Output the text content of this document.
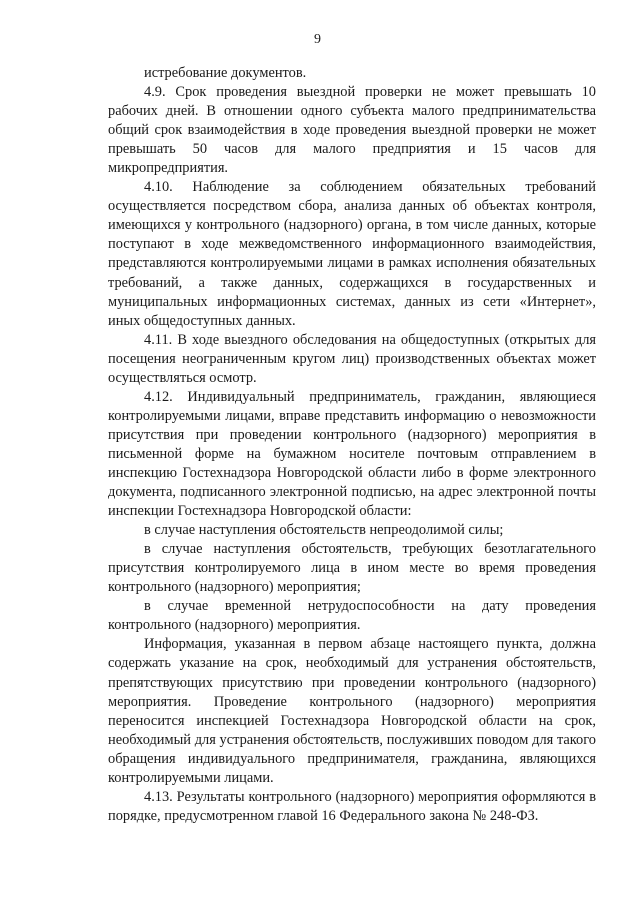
9

истребование документов.

4.9. Срок проведения выездной проверки не может превышать 10 рабочих дней. В отношении одного субъекта малого предпринимательства общий срок взаимодействия в ходе проведения выездной проверки не может превышать 50 часов для малого предприятия и 15 часов для микропредприятия.

4.10. Наблюдение за соблюдением обязательных требований осуществляется посредством сбора, анализа данных об объектах контроля, имеющихся у контрольного (надзорного) органа, в том числе данных, которые поступают в ходе межведомственного информационного взаимодействия, представляются контролируемыми лицами в рамках исполнения обязательных требований, а также данных, содержащихся в государственных и муниципальных информационных системах, данных из сети «Интернет», иных общедоступных данных.

4.11. В ходе выездного обследования на общедоступных (открытых для посещения неограниченным кругом лиц) производственных объектах может осуществляться осмотр.

4.12. Индивидуальный предприниматель, гражданин, являющиеся контролируемыми лицами, вправе представить информацию о невозможности присутствия при проведении контрольного (надзорного) мероприятия в письменной форме на бумажном носителе почтовым отправлением в инспекцию Гостехнадзора Новгородской области либо в форме электронного документа, подписанного электронной подписью, на адрес электронной почты инспекции Гостехнадзора Новгородской области:

в случае наступления обстоятельств непреодолимой силы;

в случае наступления обстоятельств, требующих безотлагательного присутствия контролируемого лица в ином месте во время проведения контрольного (надзорного) мероприятия;

в случае временной нетрудоспособности на дату проведения контрольного (надзорного) мероприятия.

Информация, указанная в первом абзаце настоящего пункта, должна содержать указание на срок, необходимый для устранения обстоятельств, препятствующих присутствию при проведении контрольного (надзорного) мероприятия. Проведение контрольного (надзорного) мероприятия переносится инспекцией Гостехнадзора Новгородской области на срок, необходимый для устранения обстоятельств, послуживших поводом для такого обращения индивидуального предпринимателя, гражданина, являющихся контролируемыми лицами.

4.13. Результаты контрольного (надзорного) мероприятия оформляются в порядке, предусмотренном главой 16 Федерального закона № 248-ФЗ.
